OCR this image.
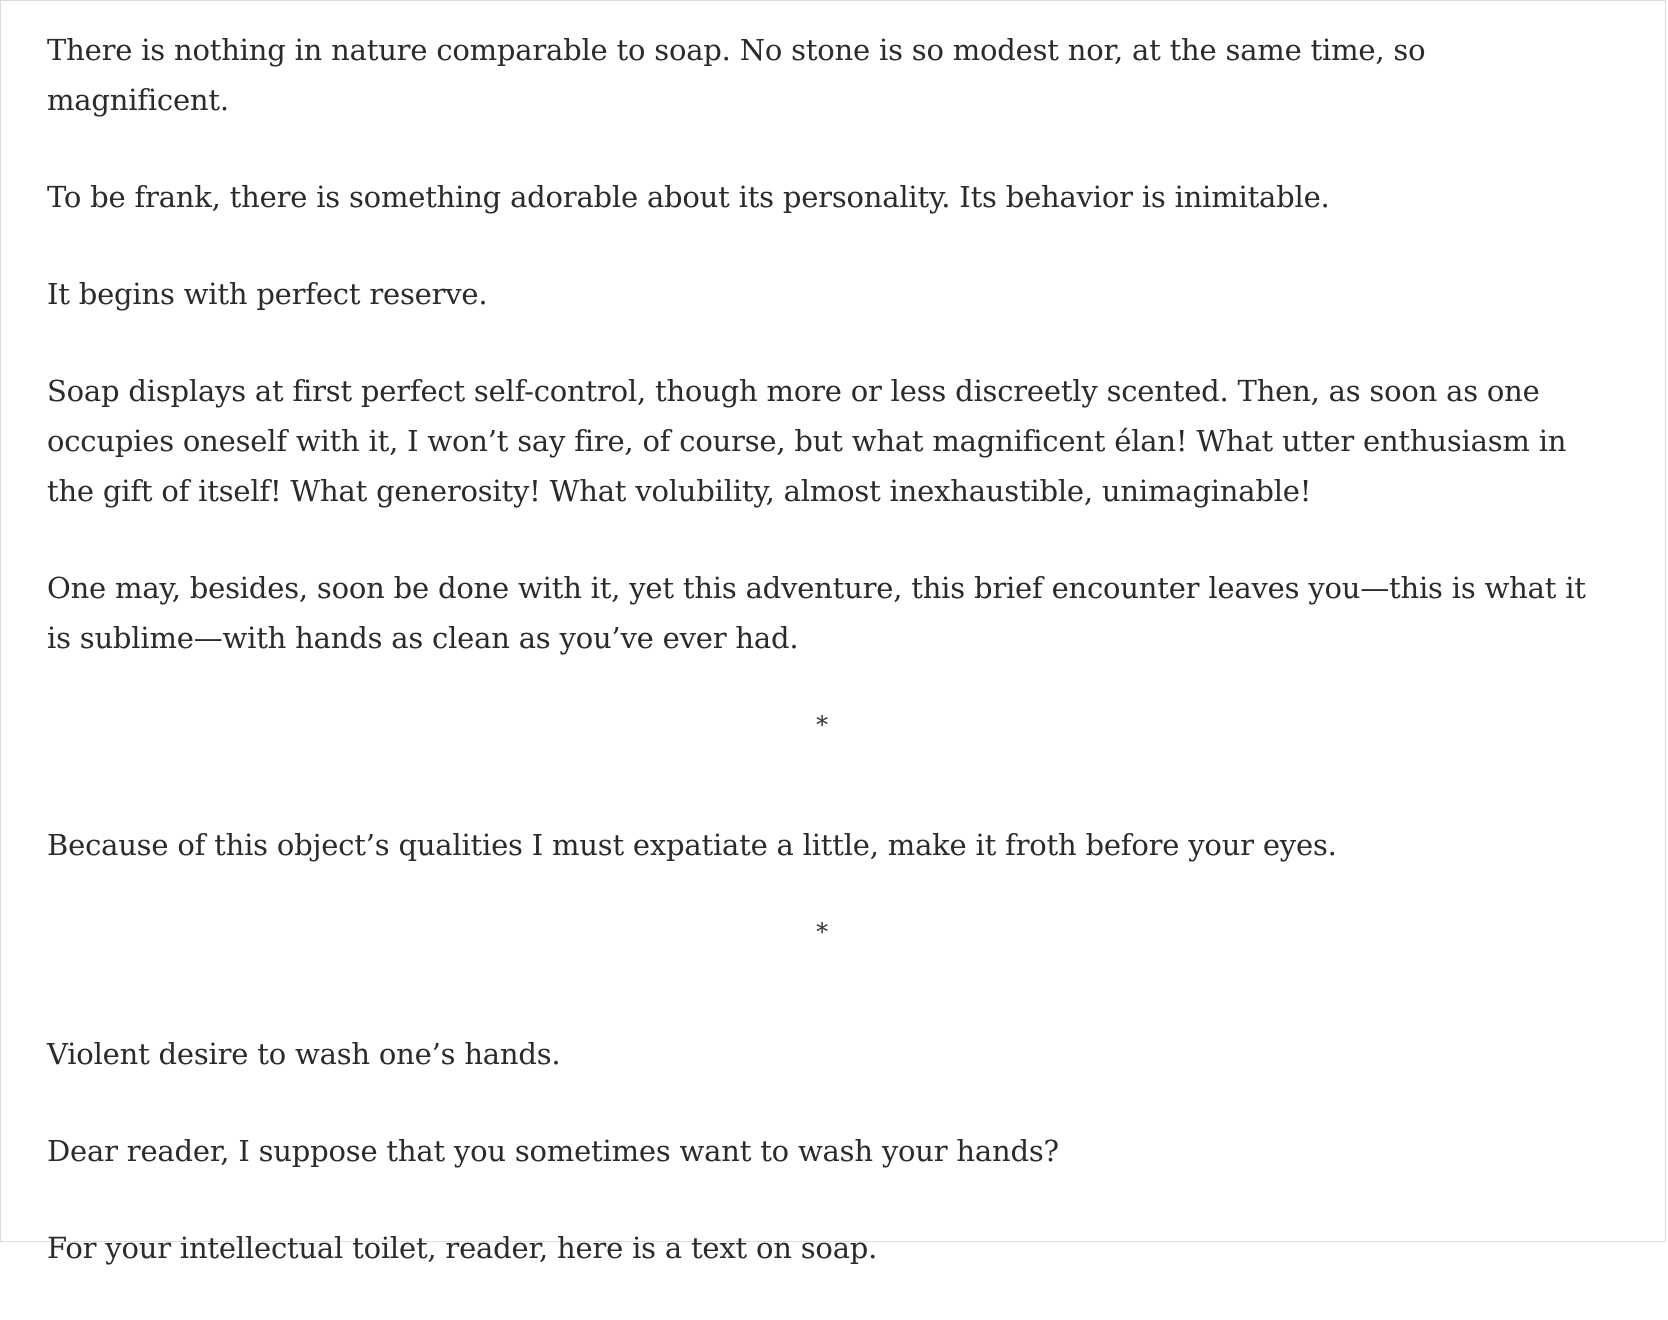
There is nothing in nature comparable to soap. No stone is so modest nor, at the same time, so magnificent.

To be frank, there is something adorable about its personality. Its behavior is inimitable.

It begins with perfect reserve.

Soap displays at first perfect self-control, though more or less discreetly scented. Then, as soon as one occupies oneself with it, I won’t say fire, of course, but what magnificent élan! What utter enthusiasm in the gift of itself! What generosity! What volubility, almost inexhaustible, unimaginable!

One may, besides, soon be done with it, yet this adventure, this brief encounter leaves you—this is what it is sublime—with hands as clean as you’ve ever had.

*

Because of this object’s qualities I must expatiate a little, make it froth before your eyes.

*

Violent desire to wash one’s hands.

Dear reader, I suppose that you sometimes want to wash your hands?

For your intellectual toilet, reader, here is a text on soap.
